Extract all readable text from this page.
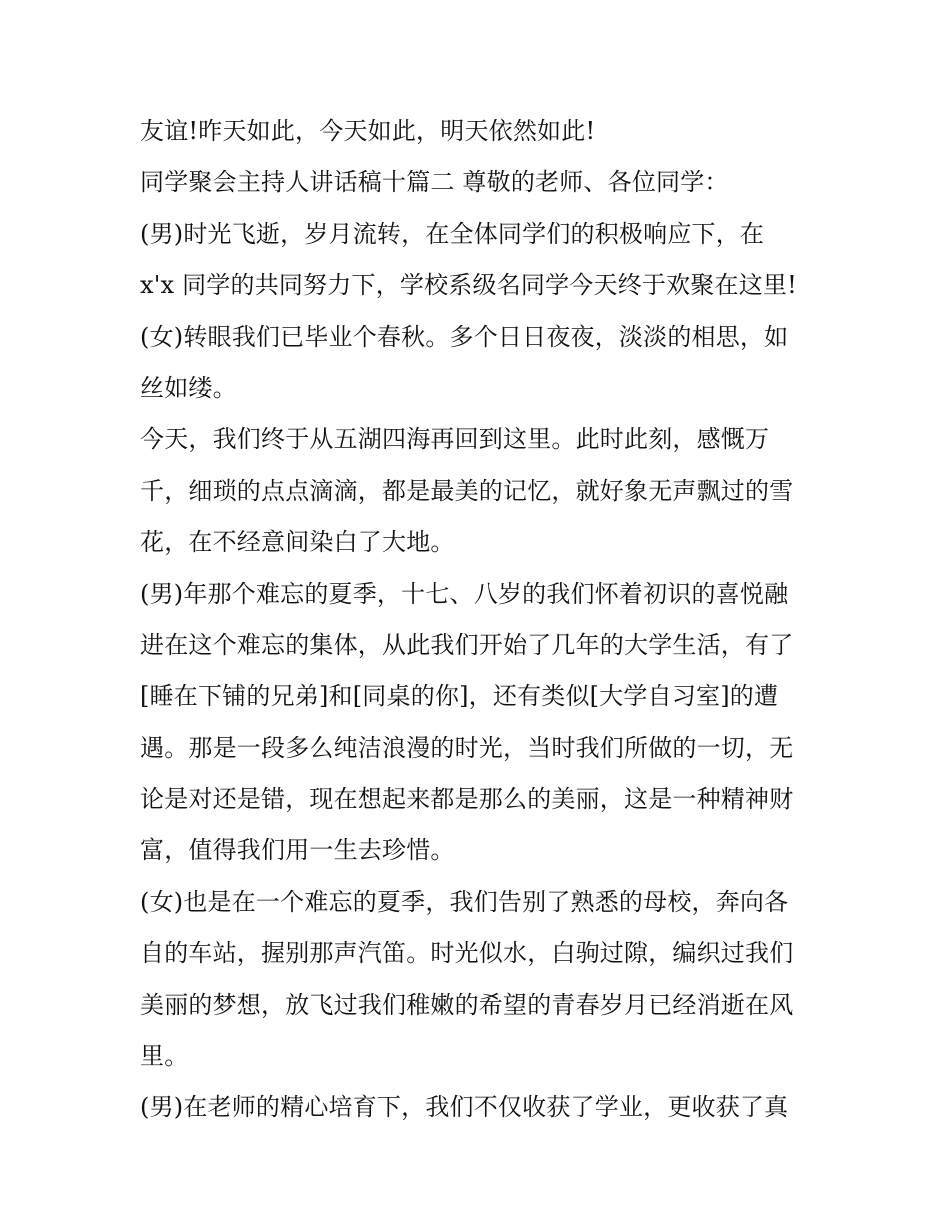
友谊!昨天如此，今天如此，明天依然如此!
同学聚会主持人讲话稿十篇二 尊敬的老师、各位同学：
(男)时光飞逝，岁月流转，在全体同学们的积极响应下，在
x'x 同学的共同努力下，学校系级名同学今天终于欢聚在这里!
(女)转眼我们已毕业个春秋。多个日日夜夜，淡淡的相思，如
丝如缕。
今天，我们终于从五湖四海再回到这里。此时此刻，感慨万
千，细琐的点点滴滴，都是最美的记忆，就好象无声飘过的雪
花，在不经意间染白了大地。
(男)年那个难忘的夏季，十七、八岁的我们怀着初识的喜悦融
进在这个难忘的集体，从此我们开始了几年的大学生活，有了
[睡在下铺的兄弟]和[同桌的你]，还有类似[大学自习室]的遭
遇。那是一段多么纯洁浪漫的时光，当时我们所做的一切，无
论是对还是错，现在想起来都是那么的美丽，这是一种精神财
富，值得我们用一生去珍惜。
(女)也是在一个难忘的夏季，我们告别了熟悉的母校，奔向各
自的车站，握别那声汽笛。时光似水，白驹过隙，编织过我们
美丽的梦想，放飞过我们稚嫩的希望的青春岁月已经消逝在风
里。
(男)在老师的精心培育下，我们不仅收获了学业，更收获了真
